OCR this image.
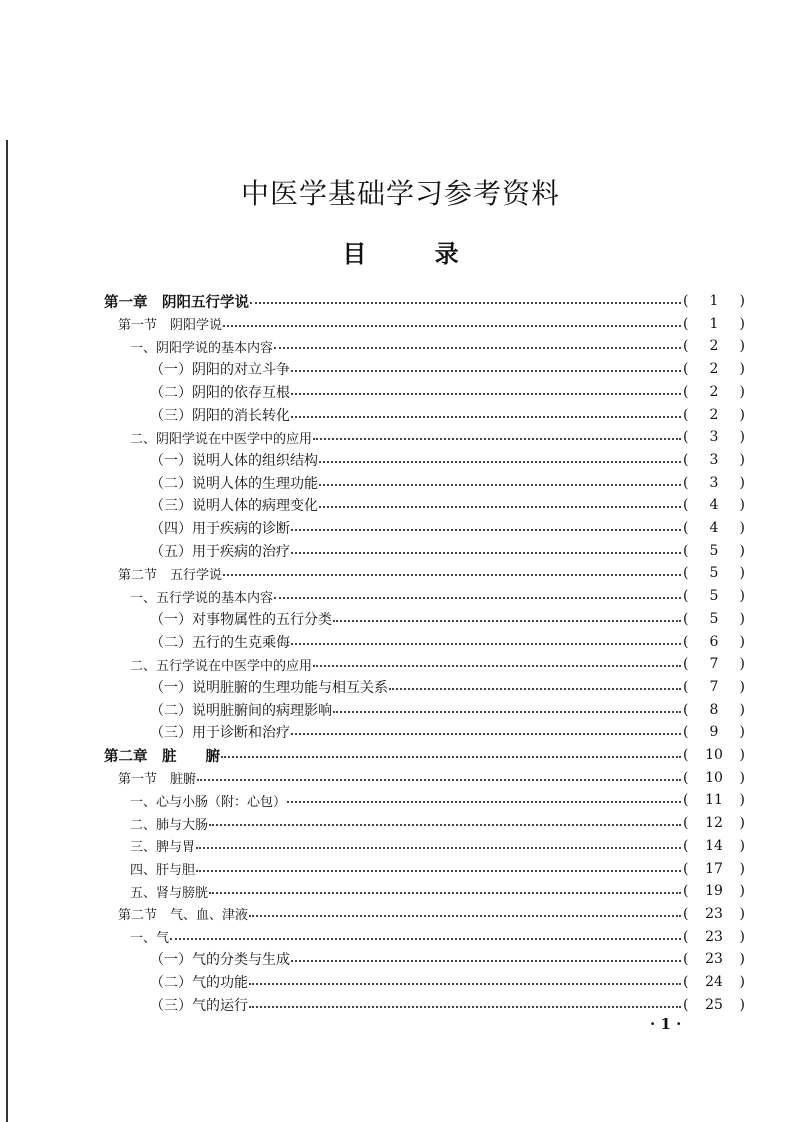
中医学基础学习参考资料
目 录
第一章　阴阳五行学说	(	1	)
第一节　阴阳学说	(	1	)
一、阴阳学说的基本内容	(	2	)
（一）阴阳的对立斗争	(	2	)
（二）阴阳的依存互根	(	2	)
（三）阴阳的消长转化	(	2	)
二、阴阳学说在中医学中的应用	(	3	)
（一）说明人体的组织结构	(	3	)
（二）说明人体的生理功能	(	3	)
（三）说明人体的病理变化	(	4	)
（四）用于疾病的诊断	(	4	)
（五）用于疾病的治疗	(	5	)
第二节　五行学说	(	5	)
一、五行学说的基本内容	(	5	)
（一）对事物属性的五行分类	(	5	)
（二）五行的生克乘侮	(	6	)
二、五行学说在中医学中的应用	(	7	)
（一）说明脏腑的生理功能与相互关系	(	7	)
（二）说明脏腑间的病理影响	(	8	)
（三）用于诊断和治疗	(	9	)
第二章　脏　　腑	(	10	)
第一节　脏腑	(	10	)
一、心与小肠（附：心包）	(	11	)
二、肺与大肠	(	12	)
三、脾与胃	(	14	)
四、肝与胆	(	17	)
五、肾与膀胱	(	19	)
第二节　气、血、津液	(	23	)
一、气	(	23	)
（一）气的分类与生成	(	23	)
（二）气的功能	(	24	)
（三）气的运行	(	25	)
· 1 ·
